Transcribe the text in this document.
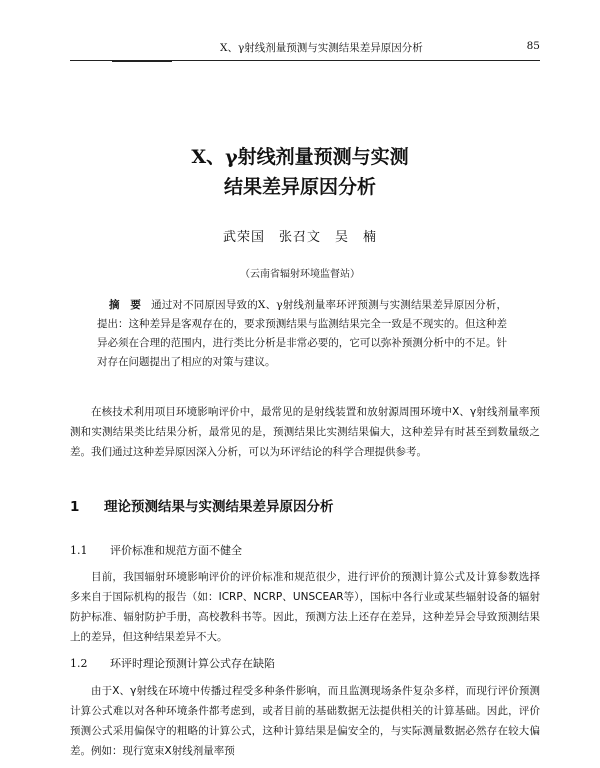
X、γ射线剂量预测与实测结果差异原因分析	85
X、γ射线剂量预测与实测
结果差异原因分析
武荣国　张召文　吴　楠
（云南省辐射环境监督站）
摘　要 通过对不同原因导致的X、γ射线剂量率环评预测与实测结果差异原因分析，提出：这种差异是客观存在的，要求预测结果与监测结果完全一致是不现实的。但这种差异必须在合理的范围内，进行类比分析是非常必要的，它可以弥补预测分析中的不足。针对存在问题提出了相应的对策与建议。
在核技术利用项目环境影响评价中，最常见的是射线装置和放射源周围环境中X、γ射线剂量率预测和实测结果类比结果分析，最常见的是，预测结果比实测结果偏大，这种差异有时甚至到数量级之差。我们通过这种差异原因深入分析，可以为环评结论的科学合理提供参考。
1 理论预测结果与实测结果差异原因分析
1.1 评价标准和规范方面不健全
目前，我国辐射环境影响评价的评价标准和规范很少，进行评价的预测计算公式及计算参数选择多来自于国际机构的报告（如：ICRP、NCRP、UNSCEAR等），国标中各行业或某些辐射设备的辐射防护标准、辐射防护手册，高校教科书等。因此，预测方法上还存在差异，这种差异会导致预测结果上的差异，但这种结果差异不大。
1.2 环评时理论预测计算公式存在缺陷
由于X、γ射线在环境中传播过程受多种条件影响，而且监测现场条件复杂多样，而现行评价预测计算公式难以对各种环境条件都考虑到，或者目前的基础数据无法提供相关的计算基础。因此，评价预测公式采用偏保守的粗略的计算公式，这种计算结果是偏安全的，与实际测量数据必然存在较大偏差。例如：现行宽束X射线剂量率预
